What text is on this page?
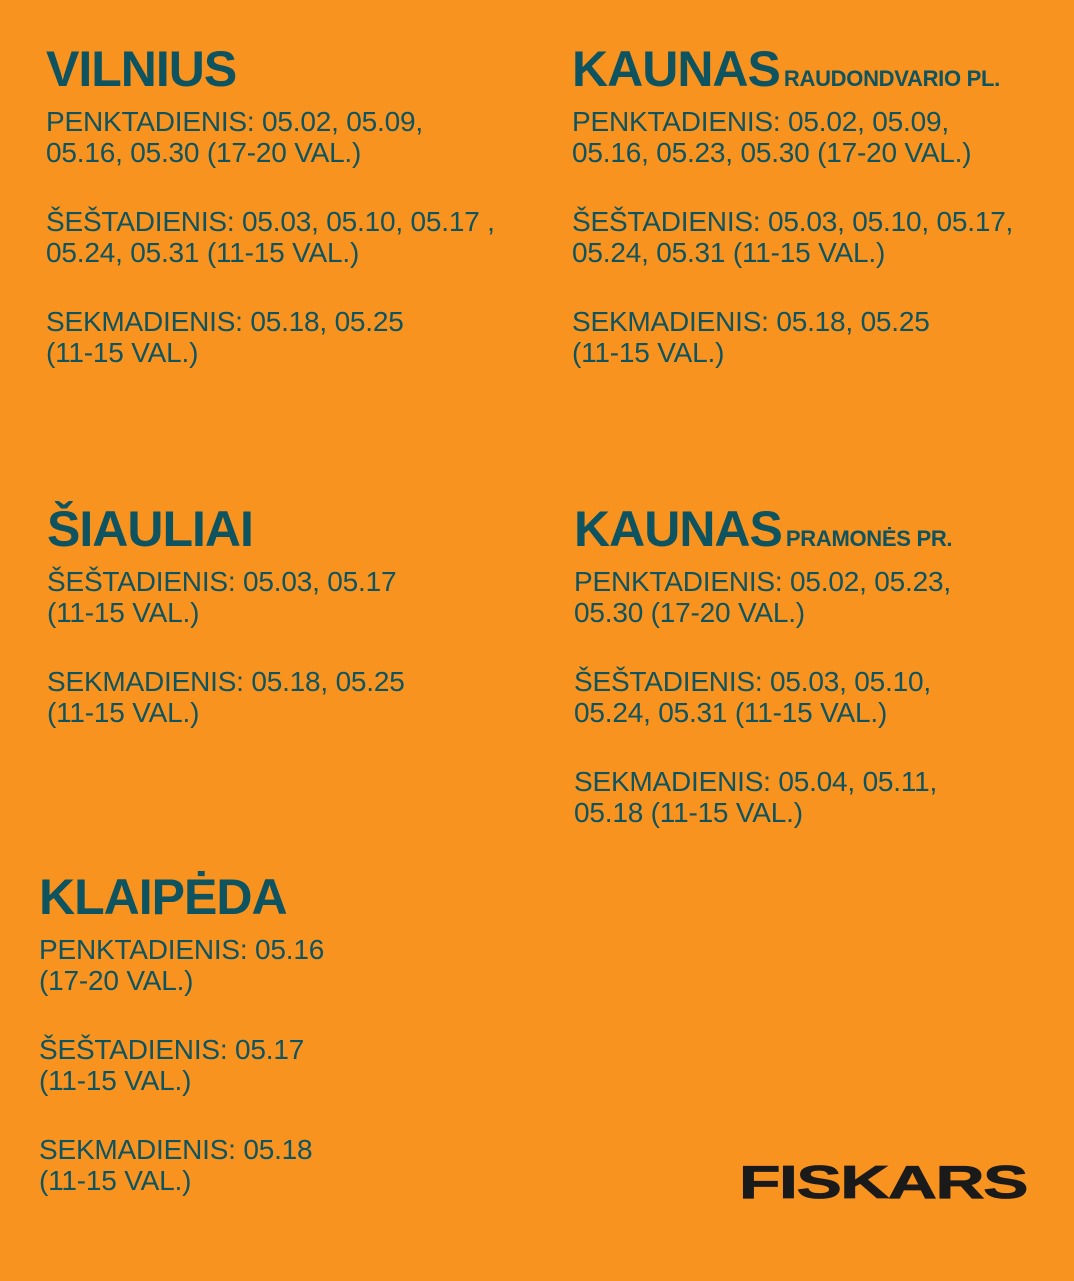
VILNIUS
PENKTADIENIS: 05.02, 05.09,
05.16, 05.30 (17-20 VAL.)
ŠEŠTADIENIS: 05.03, 05.10, 05.17 ,
05.24, 05.31 (11-15 VAL.)
SEKMADIENIS: 05.18, 05.25
(11-15 VAL.)
KAUNAS RAUDONDVARIO PL.
PENKTADIENIS: 05.02, 05.09,
05.16, 05.23, 05.30 (17-20 VAL.)
ŠEŠTADIENIS: 05.03, 05.10, 05.17,
05.24, 05.31 (11-15 VAL.)
SEKMADIENIS: 05.18, 05.25
(11-15 VAL.)
ŠIAULIAI
ŠEŠTADIENIS: 05.03, 05.17
(11-15 VAL.)
SEKMADIENIS: 05.18, 05.25
(11-15 VAL.)
KAUNAS PRAMONĖS PR.
PENKTADIENIS: 05.02, 05.23,
05.30 (17-20 VAL.)
ŠEŠTADIENIS: 05.03, 05.10,
05.24, 05.31 (11-15 VAL.)
SEKMADIENIS: 05.04, 05.11,
05.18 (11-15 VAL.)
KLAIPĖDA
PENKTADIENIS: 05.16
(17-20 VAL.)
ŠEŠTADIENIS: 05.17
(11-15 VAL.)
SEKMADIENIS: 05.18
(11-15 VAL.)	FISKARS
